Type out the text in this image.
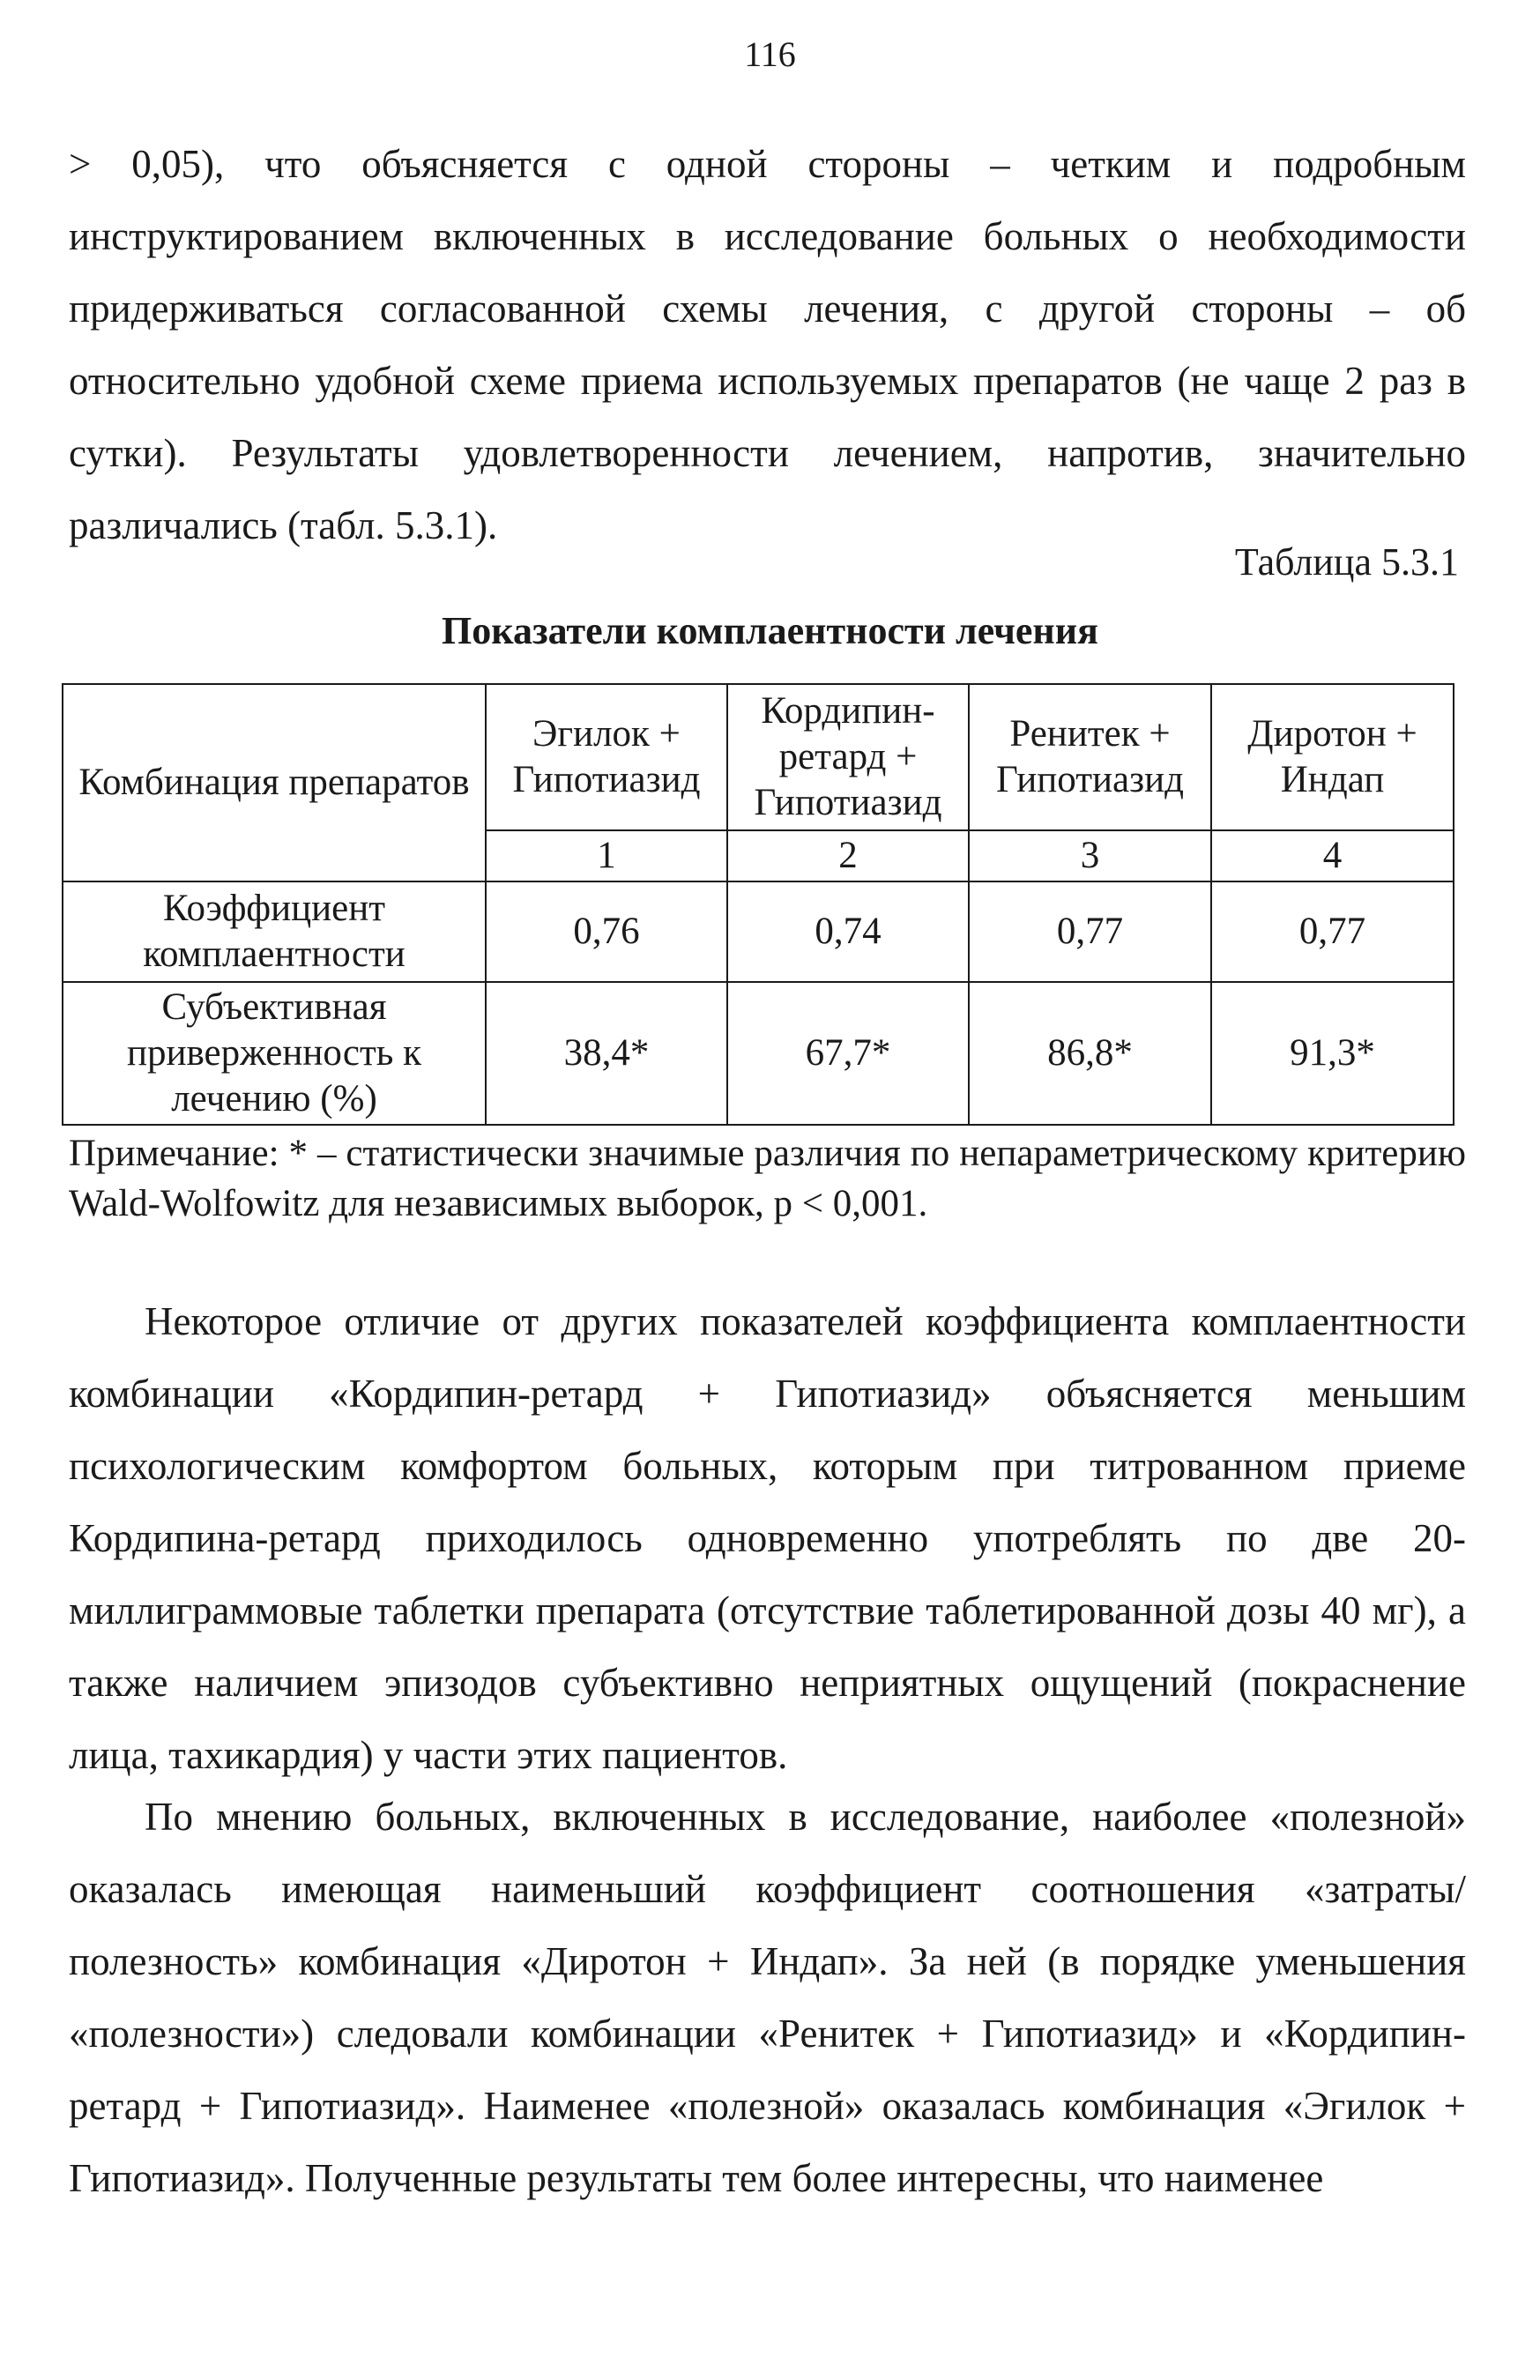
116

> 0,05), что объясняется с одной стороны – четким и подробным инструктированием включенных в исследование больных о необходимости придерживаться согласованной схемы лечения, с другой стороны – об относительно удобной схеме приема используемых препаратов (не чаще 2 раз в сутки). Результаты удовлетворенности лечением, напротив, значительно различались (табл. 5.3.1).

Таблица 5.3.1
Показатели комплаентности лечения
Комбинация препаратов	Эгилок + Гипотиазид	Кордипин-ретард + Гипотиазид	Ренитек + Гипотиазид	Диротон + Индап
	1	2	3	4
Коэффициент комплаентности	0,76	0,74	0,77	0,77
Субъективная приверженность к лечению (%)	38,4*	67,7*	86,8*	91,3*

Примечание: * – статистически значимые различия по непараметрическому критерию Wald-Wolfowitz для независимых выборок, p < 0,001.

Некоторое отличие от других показателей коэффициента комплаентности комбинации «Кордипин-ретард + Гипотиазид» объясняется меньшим психологическим комфортом больных, которым при титрованном приеме Кордипина-ретард приходилось одновременно употреблять по две 20-миллиграммовые таблетки препарата (отсутствие таблетированной дозы 40 мг), а также наличием эпизодов субъективно неприятных ощущений (покраснение лица, тахикардия) у части этих пациентов.

По мнению больных, включенных в исследование, наиболее «полезной» оказалась имеющая наименьший коэффициент соотношения «затраты/полезность» комбинация «Диротон + Индап». За ней (в порядке уменьшения «полезности») следовали комбинации «Ренитек + Гипотиазид» и «Кордипин-ретард + Гипотиазид». Наименее «полезной» оказалась комбинация «Эгилок + Гипотиазид». Полученные результаты тем более интересны, что наименее
